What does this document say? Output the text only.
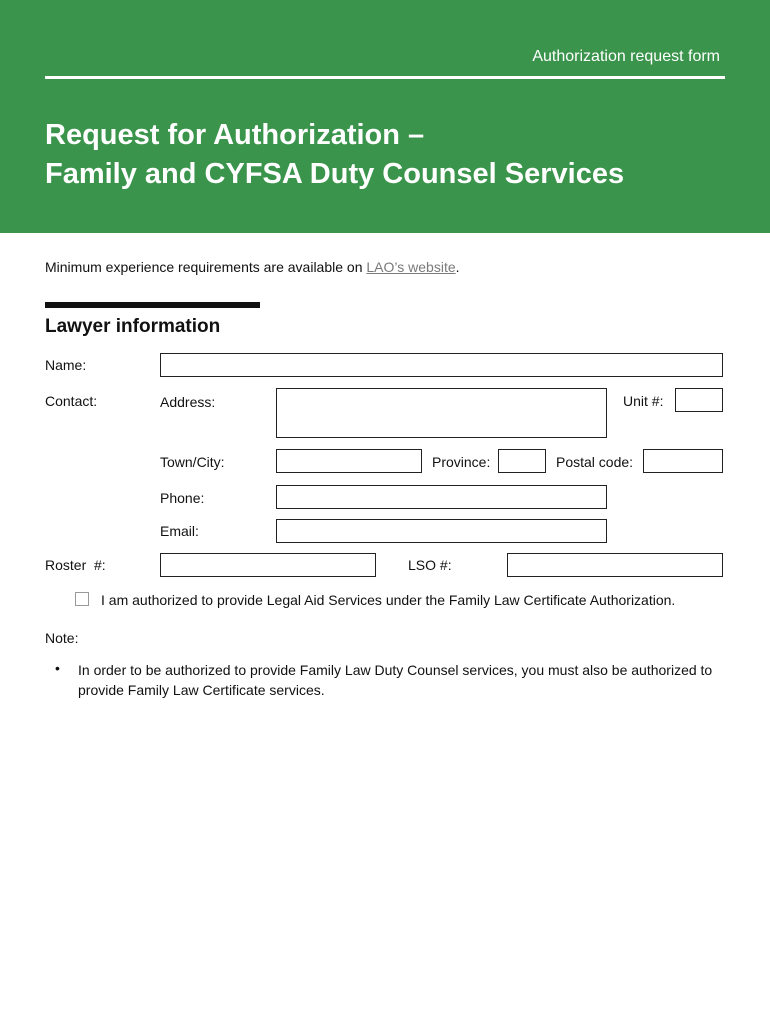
Authorization request form
Request for Authorization –
Family and CYFSA Duty Counsel Services
Minimum experience requirements are available on LAO’s website.
Lawyer information
Name:
Contact:	Address:	Unit #:
Town/City:	Province:	Postal code:
Phone:
Email:
Roster  #:	LSO #:
I am authorized to provide Legal Aid Services under the Family Law Certificate Authorization.
Note:
• In order to be authorized to provide Family Law Duty Counsel services, you must also be authorized to provide Family Law Certificate services.
